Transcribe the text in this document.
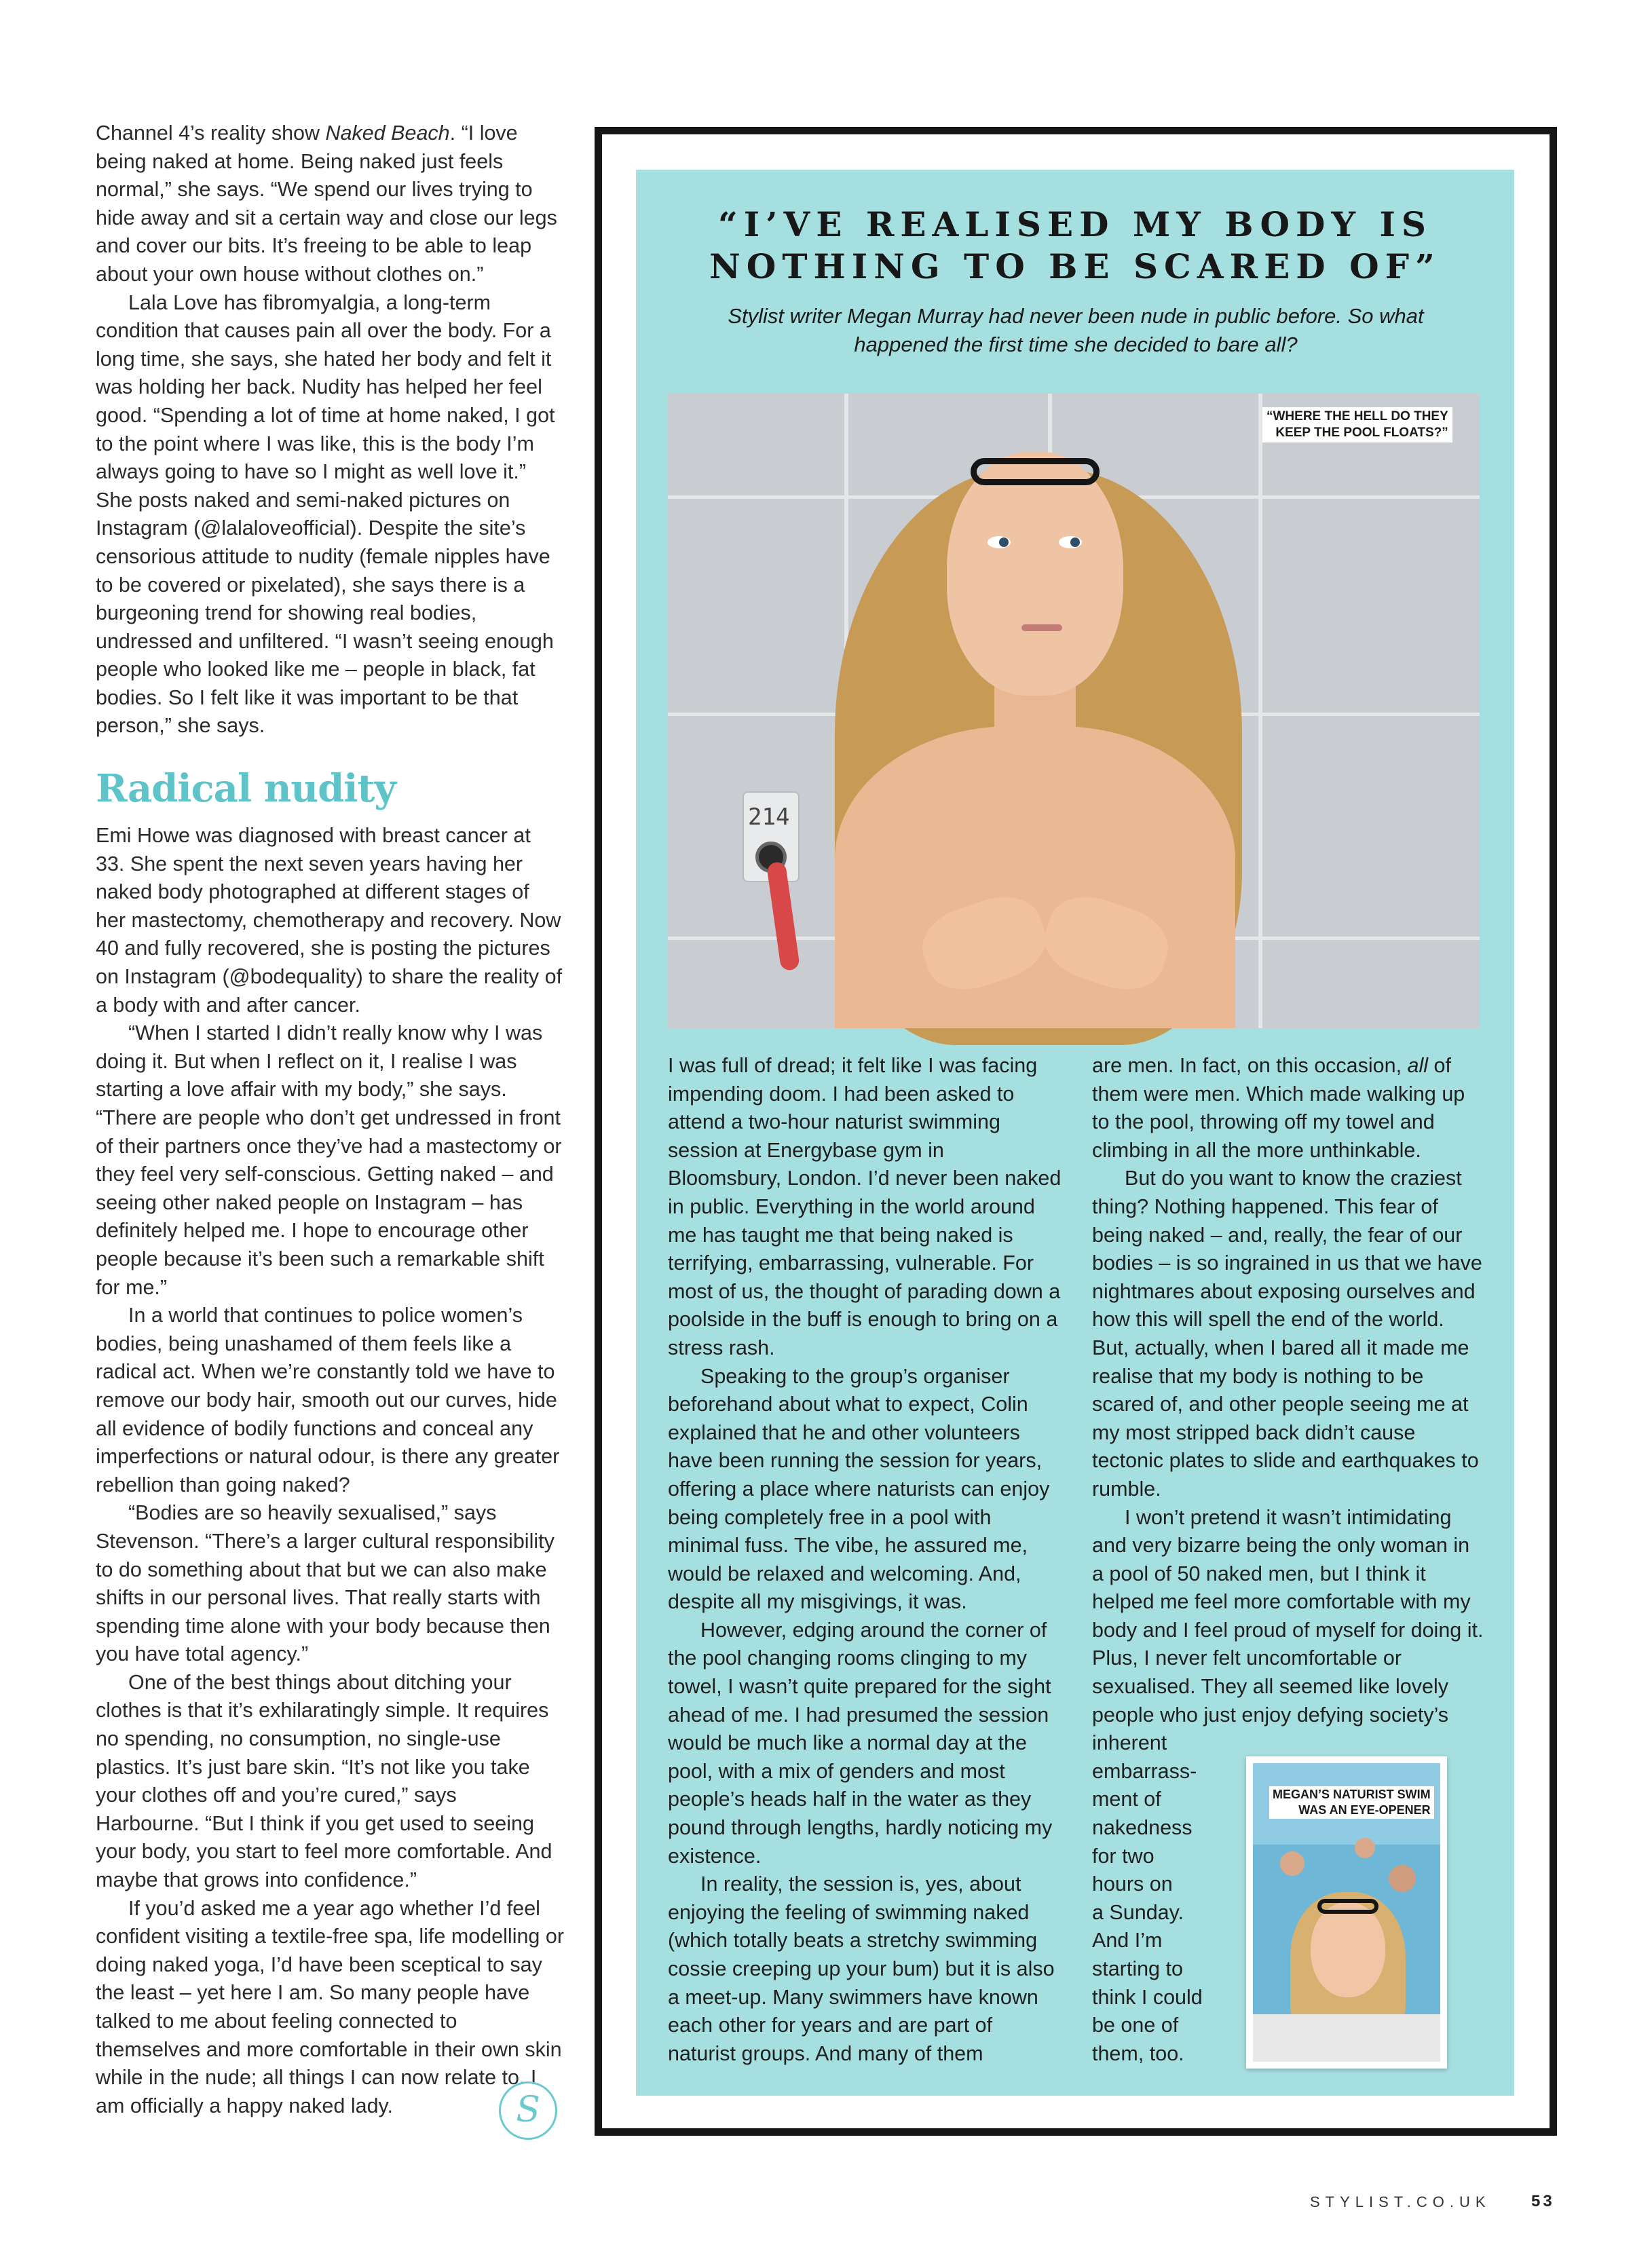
Channel 4’s reality show Naked Beach. “I love being naked at home. Being naked just feels normal,” she says. “We spend our lives trying to hide away and sit a certain way and close our legs and cover our bits. It’s freeing to be able to leap about your own house without clothes on.”

Lala Love has fibromyalgia, a long-term condition that causes pain all over the body. For a long time, she says, she hated her body and felt it was holding her back. Nudity has helped her feel good. “Spending a lot of time at home naked, I got to the point where I was like, this is the body I’m always going to have so I might as well love it.” She posts naked and semi-naked pictures on Instagram (@lalaloveofficial). Despite the site’s censorious attitude to nudity (female nipples have to be covered or pixelated), she says there is a burgeoning trend for showing real bodies, undressed and unfiltered. “I wasn’t seeing enough people who looked like me – people in black, fat bodies. So I felt like it was important to be that person,” she says.

Radical nudity

Emi Howe was diagnosed with breast cancer at 33. She spent the next seven years having her naked body photographed at different stages of her mastectomy, chemotherapy and recovery. Now 40 and fully recovered, she is posting the pictures on Instagram (@bodequality) to share the reality of a body with and after cancer.

“When I started I didn’t really know why I was doing it. But when I reflect on it, I realise I was starting a love affair with my body,” she says. “There are people who don’t get undressed in front of their partners once they’ve had a mastectomy or they feel very self-conscious. Getting naked – and seeing other naked people on Instagram – has definitely helped me. I hope to encourage other people because it’s been such a remarkable shift for me.”

In a world that continues to police women’s bodies, being unashamed of them feels like a radical act. When we’re constantly told we have to remove our body hair, smooth out our curves, hide all evidence of bodily functions and conceal any imperfections or natural odour, is there any greater rebellion than going naked?

“Bodies are so heavily sexualised,” says Stevenson. “There’s a larger cultural responsibility to do something about that but we can also make shifts in our personal lives. That really starts with spending time alone with your body because then you have total agency.”

One of the best things about ditching your clothes is that it’s exhilaratingly simple. It requires no spending, no consumption, no single-use plastics. It’s just bare skin. “It’s not like you take your clothes off and you’re cured,” says Harbourne. “But I think if you get used to seeing your body, you start to feel more comfortable. And maybe that grows into confidence.”

If you’d asked me a year ago whether I’d feel confident visiting a textile-free spa, life modelling or doing naked yoga, I’d have been sceptical to say the least – yet here I am. So many people have talked to me about feeling connected to themselves and more comfortable in their own skin while in the nude; all things I can now relate to. I am officially a happy naked lady.	S
“I’VE REALISED MY BODY IS
NOTHING TO BE SCARED OF”
Stylist writer Megan Murray had never been nude in public before. So what happened the first time she decided to bare all?
214
“WHERE THE HELL DO THEY
KEEP THE POOL FLOATS?”

I was full of dread; it felt like I was facing impending doom. I had been asked to attend a two-hour naturist swimming session at Energybase gym in Bloomsbury, London. I’d never been naked in public. Everything in the world around me has taught me that being naked is terrifying, embarrassing, vulnerable. For most of us, the thought of parading down a poolside in the buff is enough to bring on a stress rash.

Speaking to the group’s organiser beforehand about what to expect, Colin explained that he and other volunteers have been running the session for years, offering a place where naturists can enjoy being completely free in a pool with minimal fuss. The vibe, he assured me, would be relaxed and welcoming. And, despite all my misgivings, it was.

However, edging around the corner of the pool changing rooms clinging to my towel, I wasn’t quite prepared for the sight ahead of me. I had presumed the session would be much like a normal day at the pool, with a mix of genders and most people’s heads half in the water as they pound through lengths, hardly noticing my existence.

In reality, the session is, yes, about enjoying the feeling of swimming naked (which totally beats a stretchy swimming cossie creeping up your bum) but it is also a meet-up. Many swimmers have known each other for years and are part of naturist groups. And many of them

are men. In fact, on this occasion, all of them were men. Which made walking up to the pool, throwing off my towel and climbing in all the more unthinkable.

But do you want to know the craziest thing? Nothing happened. This fear of being naked – and, really, the fear of our bodies – is so ingrained in us that we have nightmares about exposing ourselves and how this will spell the end of the world. But, actually, when I bared all it made me realise that my body is nothing to be scared of, and other people seeing me at my most stripped back didn’t cause tectonic plates to slide and earthquakes to rumble.

I won’t pretend it wasn’t intimidating and very bizarre being the only woman in a pool of 50 naked men, but I think it helped me feel more comfortable with my body and I feel proud of myself for doing it. Plus, I never felt uncomfortable or sexualised. They all seemed like lovely people who just enjoy defying society’s

inherent
embarrass-
ment of
nakedness
for two
hours on
a Sunday.
And I’m
starting to
think I could
be one of
them, too.

MEGAN’S NATURIST SWIM
WAS AN EYE-OPENER
STYLIST.CO.UK 53
